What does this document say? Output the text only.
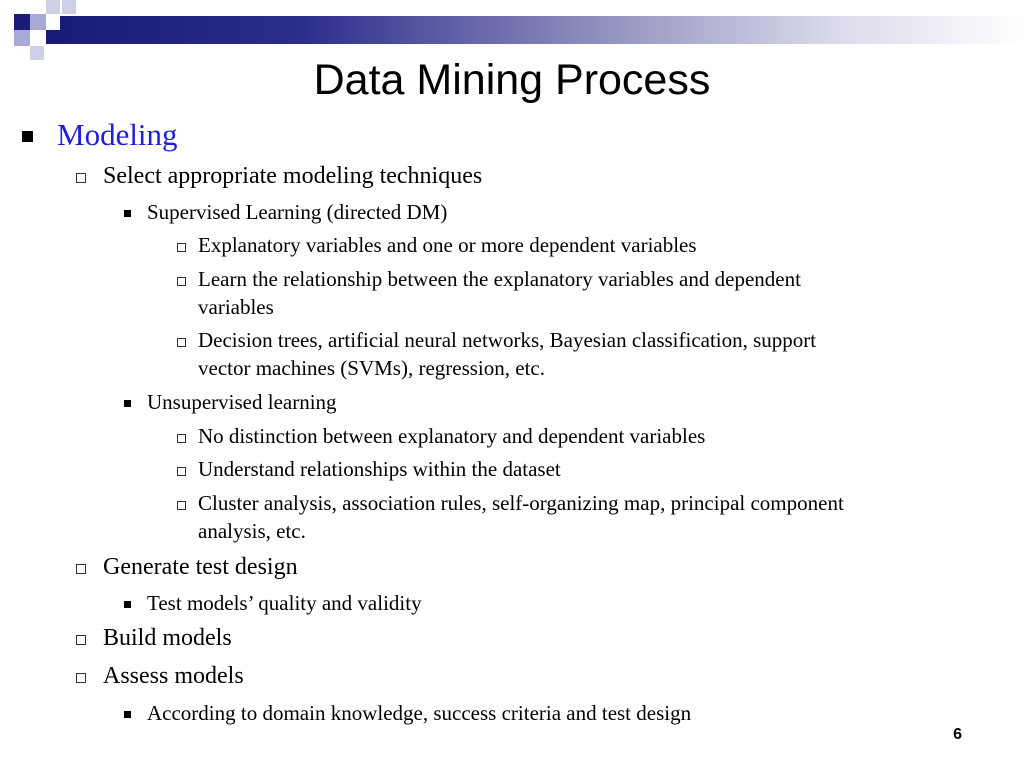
Data Mining Process
Modeling
Select appropriate modeling techniques
Supervised Learning (directed DM)
Explanatory variables and one or more dependent variables
Learn the relationship between the explanatory variables and dependent
variables
Decision trees, artificial neural networks, Bayesian classification, support
vector machines (SVMs), regression, etc.
Unsupervised learning
No distinction between explanatory and dependent variables
Understand relationships within the dataset
Cluster analysis, association rules, self-organizing map, principal component
analysis, etc.
Generate test design
Test models’ quality and validity
Build models
Assess models
According to domain knowledge, success criteria and test design
6
